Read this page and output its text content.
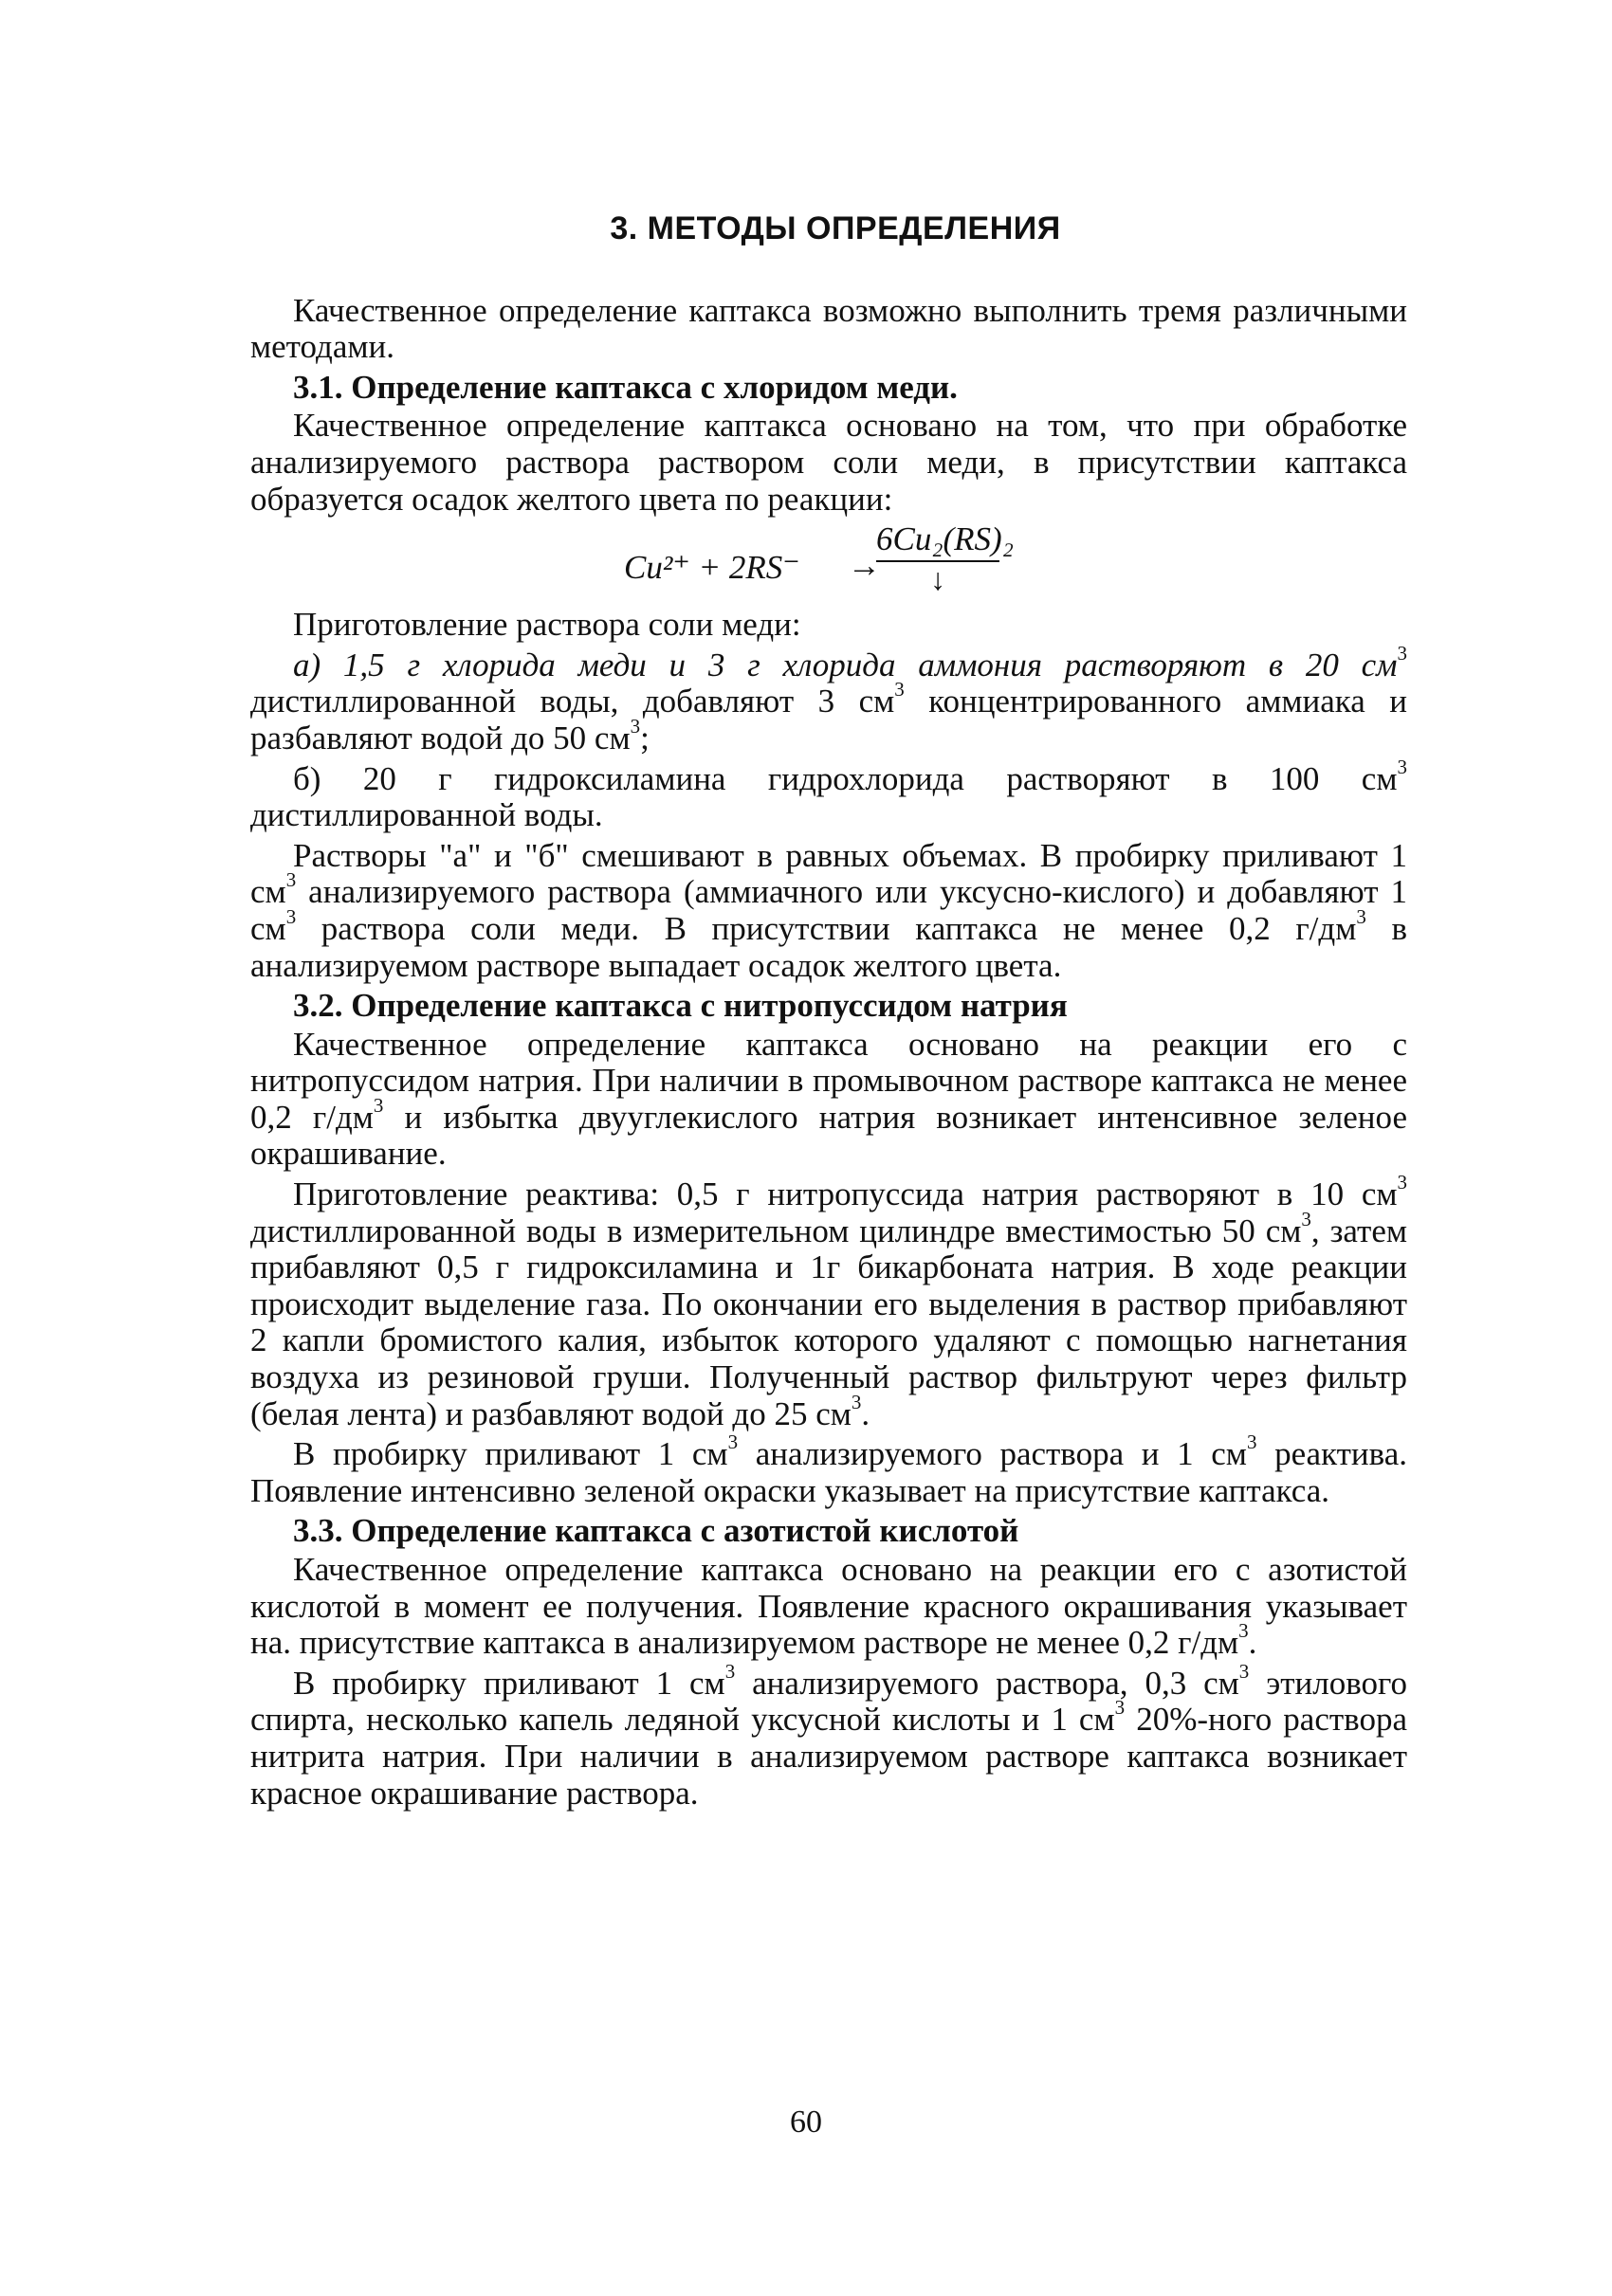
3. МЕТОДЫ ОПРЕДЕЛЕНИЯ

Качественное определение каптакса возможно выполнить тремя различными методами.

3.1. Определение каптакса с хлоридом меди.

Качественное определение каптакса основано на том, что при обработке анализируемого раствора раствором соли меди, в присутствии каптакса образуется осадок желтого цвета по реакции:

Cu²⁺ + 2RS⁻ →
6Cu₂(RS)₂
↓

Приготовление раствора соли меди:

а) 1,5 г хлорида меди и 3 г хлорида аммония растворяют в 20 $см^3$ дистиллированной воды, добавляют 3 $см^3$ концентрированного аммиака и разбавляют водой до 50 $см^3$;

б) 20 г гидроксиламина гидрохлорида растворяют в 100 $см^3$ дистиллированной воды.

Растворы "а" и "б" смешивают в равных объемах. В пробирку приливают 1 $см^3$ анализируемого раствора (аммиачного или уксусно-кислого) и добавляют 1 $см^3$ раствора соли меди. В присутствии каптакса не менее 0,2 $г/дм^3$ в анализируемом растворе выпадает осадок желтого цвета.

3.2. Определение каптакса с нитропуссидом натрия

Качественное определение каптакса основано на реакции его с нитропуссидом натрия. При наличии в промывочном растворе каптакса не менее 0,2 $г/дм^3$ и избытка двууглекислого натрия возникает интенсивное зеленое окрашивание.

Приготовление реактива: 0,5 г нитропуссида натрия растворяют в 10 $см^3$ дистиллированной воды в измерительном цилиндре вместимостью 50 $см^3$, затем прибавляют 0,5 г гидроксиламина и 1г бикарбоната натрия. В ходе реакции происходит выделение газа. По окончании его выделения в раствор прибавляют 2 капли бромистого калия, избыток которого удаляют с помощью нагнетания воздуха из резиновой груши. Полученный раствор фильтруют через фильтр (белая лента) и разбавляют водой до 25 $см^3$.

В пробирку приливают 1 $см^3$ анализируемого раствора и 1 $см^3$ реактива. Появление интенсивно зеленой окраски указывает на присутствие каптакса.

3.3. Определение каптакса с азотистой кислотой

Качественное определение каптакса основано на реакции его с азотистой кислотой в момент ее получения. Появление красного окрашивания указывает на. присутствие каптакса в анализируемом растворе не менее 0,2 $г/дм^3$.

В пробирку приливают 1 $см^3$ анализируемого раствора, 0,3 $см^3$ этилового спирта, несколько капель ледяной уксусной кислоты и 1 $см^3$ 20%-ного раствора нитрита натрия. При наличии в анализируемом растворе каптакса возникает красное окрашивание раствора.

60
